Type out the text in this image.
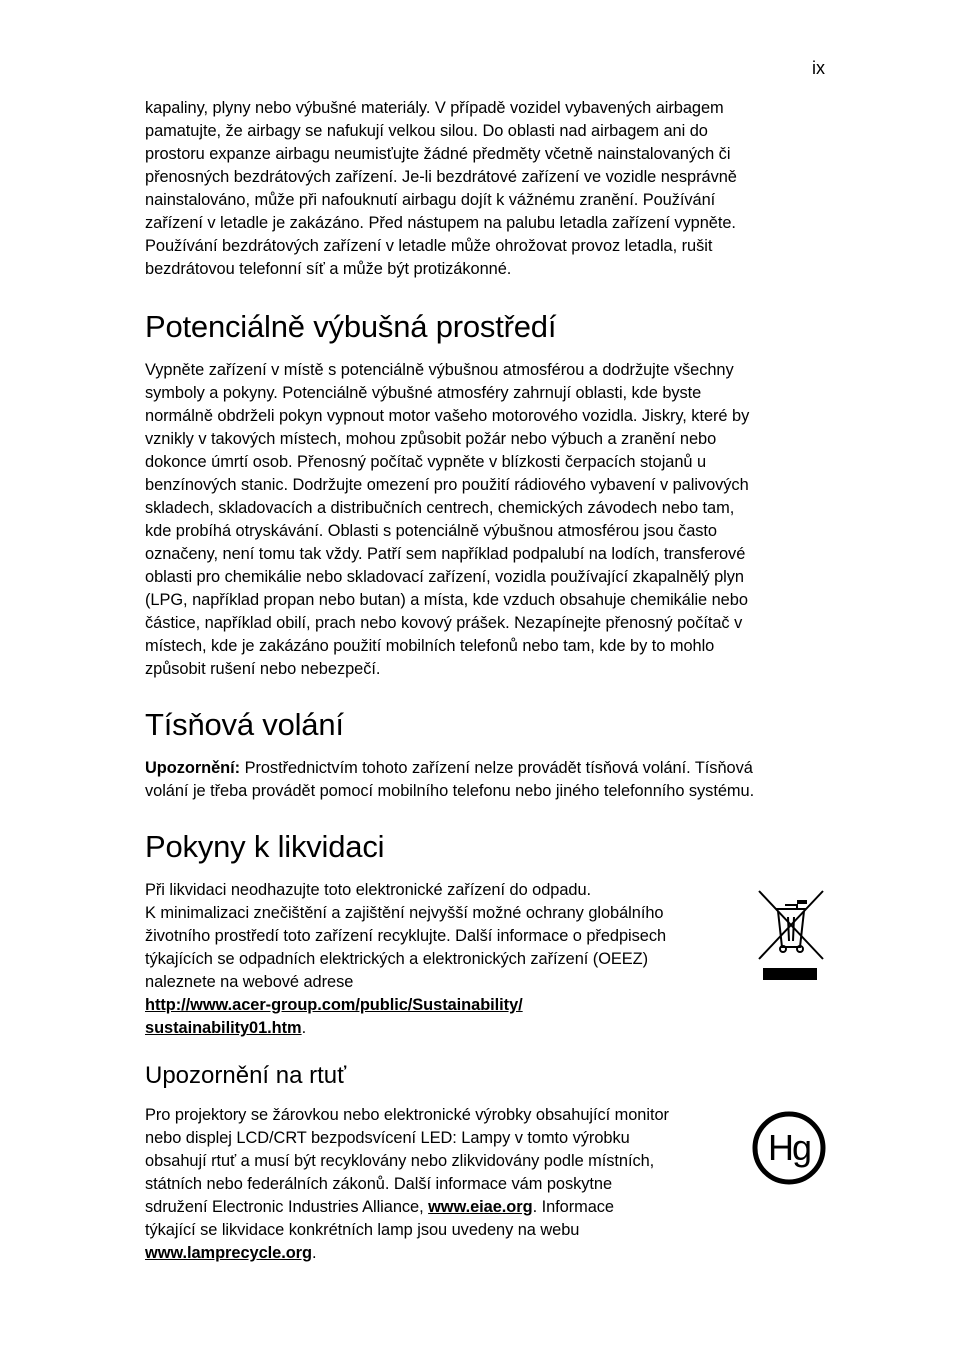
ix

kapaliny, plyny nebo výbušné materiály. V případě vozidel vybavených airbagem
pamatujte, že airbagy se nafukují velkou silou. Do oblasti nad airbagem ani do
prostoru expanze airbagu neumisťujte žádné předměty včetně nainstalovaných či
přenosných bezdrátových zařízení. Je-li bezdrátové zařízení ve vozidle nesprávně
nainstalováno, může při nafouknutí airbagu dojít k vážnému zranění. Používání
zařízení v letadle je zakázáno. Před nástupem na palubu letadla zařízení vypněte.
Používání bezdrátových zařízení v letadle může ohrožovat provoz letadla, rušit
bezdrátovou telefonní síť a může být protizákonné.

Potenciálně výbušná prostředí

Vypněte zařízení v místě s potenciálně výbušnou atmosférou a dodržujte všechny
symboly a pokyny. Potenciálně výbušné atmosféry zahrnují oblasti, kde byste
normálně obdrželi pokyn vypnout motor vašeho motorového vozidla. Jiskry, které by
vznikly v takových místech, mohou způsobit požár nebo výbuch a zranění nebo
dokonce úmrtí osob. Přenosný počítač vypněte v blízkosti čerpacích stojanů u
benzínových stanic. Dodržujte omezení pro použití rádiového vybavení v palivových
skladech, skladovacích a distribučních centrech, chemických závodech nebo tam,
kde probíhá otryskávání. Oblasti s potenciálně výbušnou atmosférou jsou často
označeny, není tomu tak vždy. Patří sem například podpalubí na lodích, transferové
oblasti pro chemikálie nebo skladovací zařízení, vozidla používající zkapalnělý plyn
(LPG, například propan nebo butan) a místa, kde vzduch obsahuje chemikálie nebo
částice, například obilí, prach nebo kovový prášek. Nezapínejte přenosný počítač v
místech, kde je zakázáno použití mobilních telefonů nebo tam, kde by to mohlo
způsobit rušení nebo nebezpečí.

Tísňová volání

Upozornění: Prostřednictvím tohoto zařízení nelze provádět tísňová volání. Tísňová
volání je třeba provádět pomocí mobilního telefonu nebo jiného telefonního systému.

Pokyny k likvidaci

Při likvidaci neodhazujte toto elektronické zařízení do odpadu.
K minimalizaci znečištění a zajištění nejvyšší možné ochrany globálního
životního prostředí toto zařízení recyklujte. Další informace o předpisech
týkajících se odpadních elektrických a elektronických zařízení (OEEZ)
naleznete na webové adrese
http://www.acer-group.com/public/Sustainability/
sustainability01.htm.

Upozornění na rtuť

Pro projektory se žárovkou nebo elektronické výrobky obsahující monitor
nebo displej LCD/CRT bezpodsvícení LED: Lampy v tomto výrobku
obsahují rtuť a musí být recyklovány nebo zlikvidovány podle místních,
státních nebo federálních zákonů. Další informace vám poskytne
sdružení Electronic Industries Alliance, www.eiae.org. Informace
týkající se likvidace konkrétních lamp jsou uvedeny na webu
www.lamprecycle.org.

Hg
